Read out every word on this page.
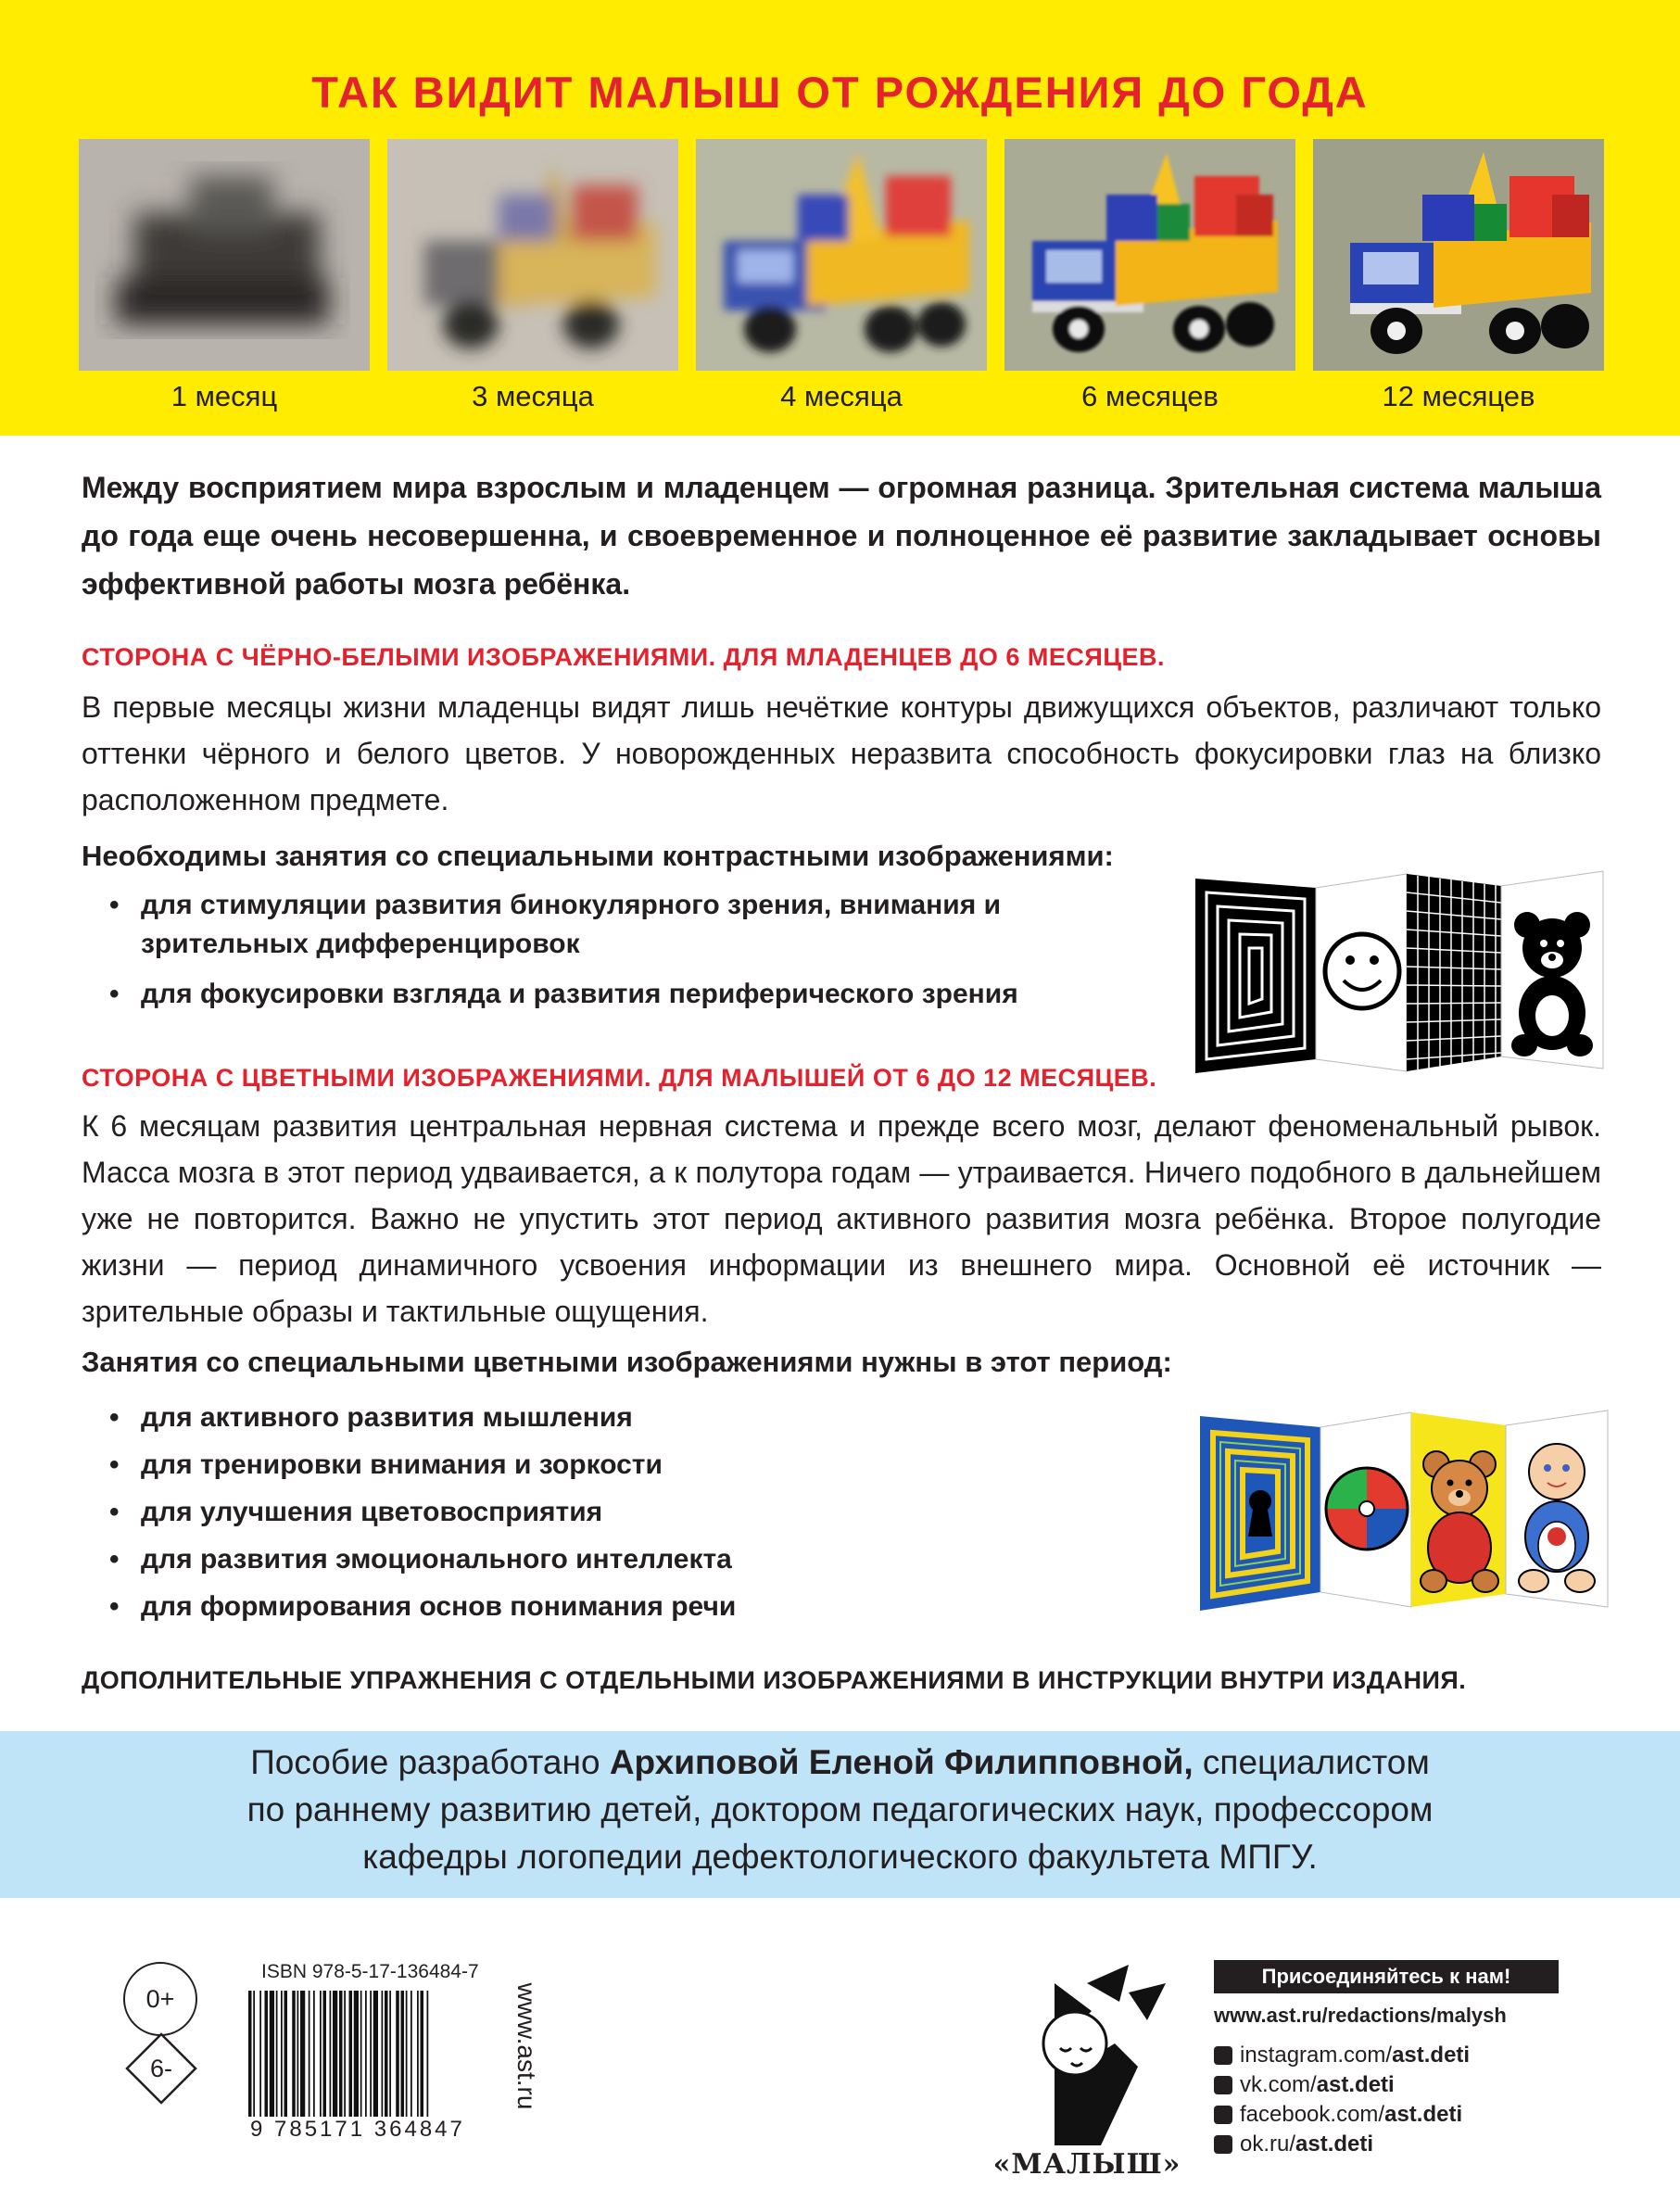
ТАК ВИДИТ МАЛЫШ ОТ РОЖДЕНИЯ ДО ГОДА
1 месяц	3 месяца	4 месяца	6 месяцев	12 месяцев
Между восприятием мира взрослым и младенцем — огромная разница. Зрительная система малыша до года еще очень несовершенна, и своевременное и полноценное её развитие закладывает основы эффективной работы мозга ребёнка.
СТОРОНА С ЧЁРНО-БЕЛЫМИ ИЗОБРАЖЕНИЯМИ. ДЛЯ МЛАДЕНЦЕВ ДО 6 МЕСЯЦЕВ.
В первые месяцы жизни младенцы видят лишь нечёткие контуры движущихся объектов, различают только оттенки чёрного и белого цветов. У новорожденных неразвита способность фокусировки глаз на близко расположенном предмете.
Необходимы занятия со специальными контрастными изображениями:
• для стимуляции развития бинокулярного зрения, внимания и зрительных дифференцировок
• для фокусировки взгляда и развития периферического зрения
СТОРОНА С ЦВЕТНЫМИ ИЗОБРАЖЕНИЯМИ. ДЛЯ МАЛЫШЕЙ ОТ 6 ДО 12 МЕСЯЦЕВ.
К 6 месяцам развития центральная нервная система и прежде всего мозг, делают феноменальный рывок. Масса мозга в этот период удваивается, а к полутора годам — утраивается. Ничего подобного в дальнейшем уже не повторится. Важно не упустить этот период активного развития мозга ребёнка. Второе полугодие жизни — период динамичного усвоения информации из внешнего мира. Основной её источник — зрительные образы и тактильные ощущения.
Занятия со специальными цветными изображениями нужны в этот период:
• для активного развития мышления
• для тренировки внимания и зоркости
• для улучшения цветовосприятия
• для развития эмоционального интеллекта
• для формирования основ понимания речи
ДОПОЛНИТЕЛЬНЫЕ УПРАЖНЕНИЯ С ОТДЕЛЬНЫМИ ИЗОБРАЖЕНИЯМИ В ИНСТРУКЦИИ ВНУТРИ ИЗДАНИЯ.
Пособие разработано Архиповой Еленой Филипповной, специалистом
по раннему развитию детей, доктором педагогических наук, профессором
кафедры логопедии дефектологического факультета МПГУ.
0+
6-
ISBN 978-5-17-136484-7
9 785171 364847
www.ast.ru
«МАЛЫШ»
Присоединяйтесь к нам!
www.ast.ru/redactions/malysh
instagram.com/ast.deti
vk.com/ast.deti
facebook.com/ast.deti
ok.ru/ast.deti
